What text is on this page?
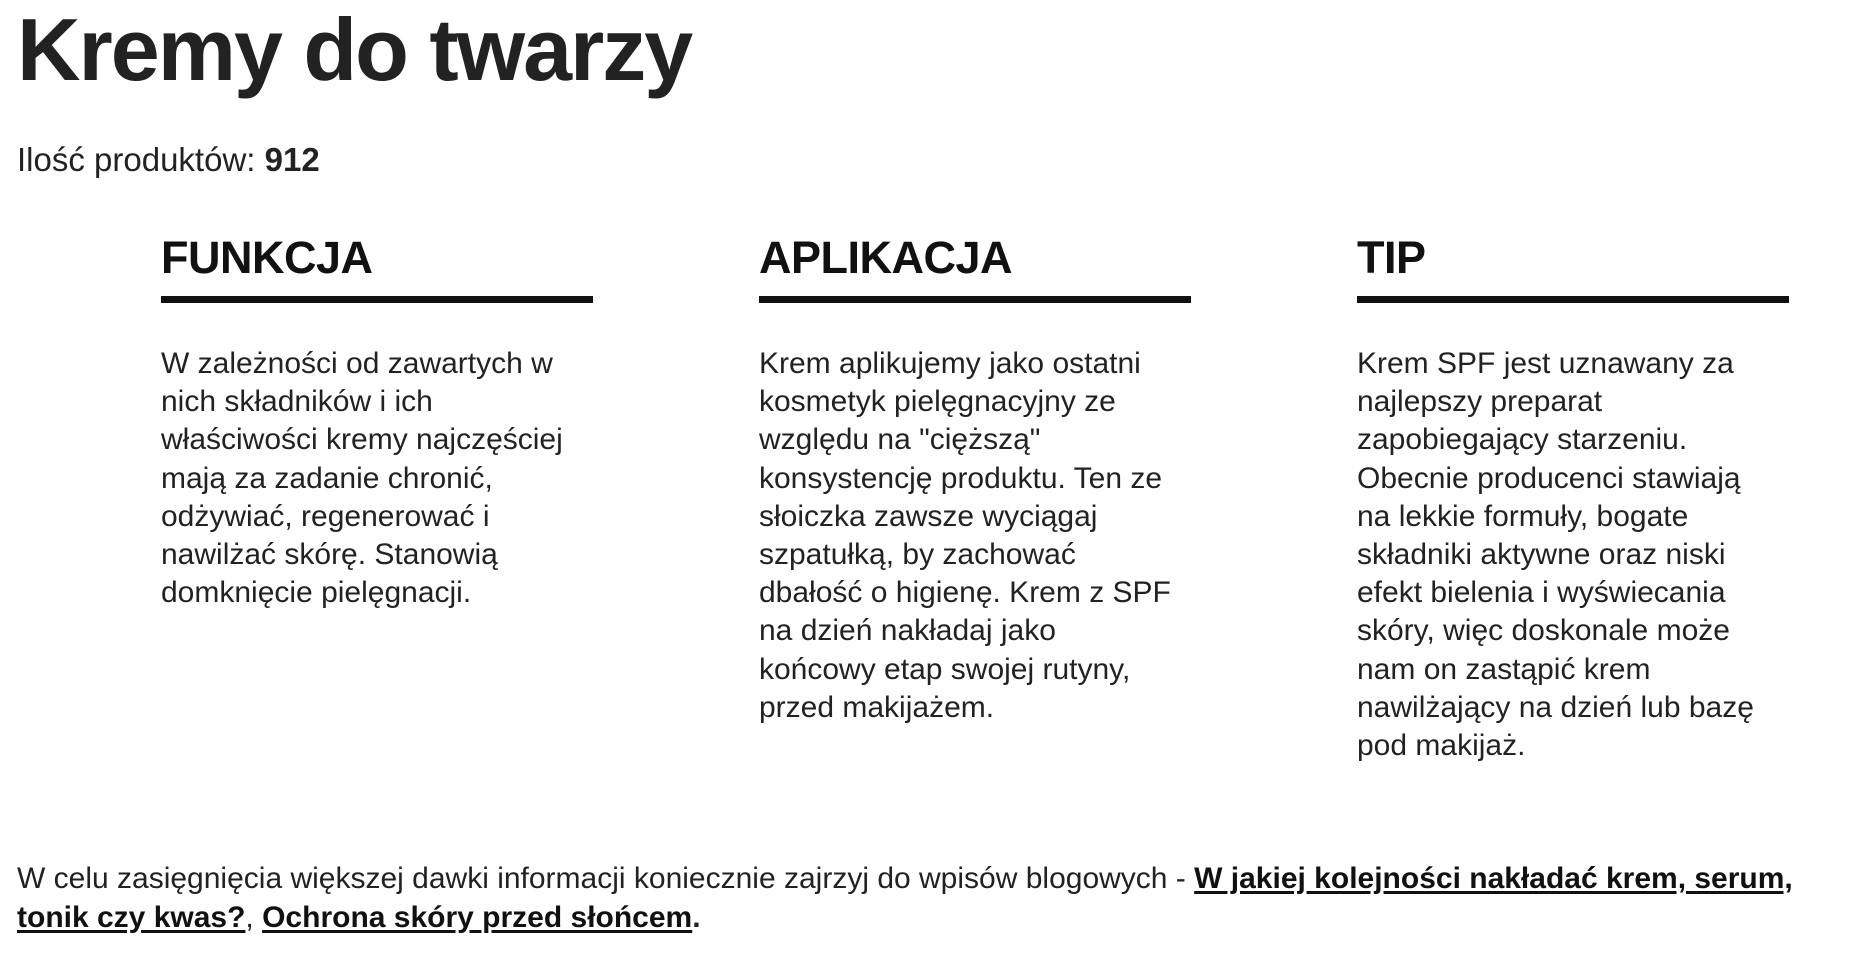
Kremy do twarzy
Ilość produktów: 912
FUNKCJA

W zależności od zawartych w nich składników i ich właściwości kremy najczęściej mają za zadanie chronić, odżywiać, regenerować i nawilżać skórę. Stanowią domknięcie pielęgnacji.

APLIKACJA

Krem aplikujemy jako ostatni kosmetyk pielęgnacyjny ze względu na "cięższą" konsystencję produktu. Ten ze słoiczka zawsze wyciągaj szpatułką, by zachować dbałość o higienę. Krem z SPF na dzień nakładaj jako końcowy etap swojej rutyny, przed makijażem.

TIP

Krem SPF jest uznawany za najlepszy preparat zapobiegający starzeniu. Obecnie producenci stawiają na lekkie formuły, bogate składniki aktywne oraz niski efekt bielenia i wyświecania skóry, więc doskonale może nam on zastąpić krem nawilżający na dzień lub bazę pod makijaż.

W celu zasięgnięcia większej dawki informacji koniecznie zajrzyj do wpisów blogowych - W jakiej kolejności nakładać krem, serum, tonik czy kwas?, Ochrona skóry przed słońcem.
